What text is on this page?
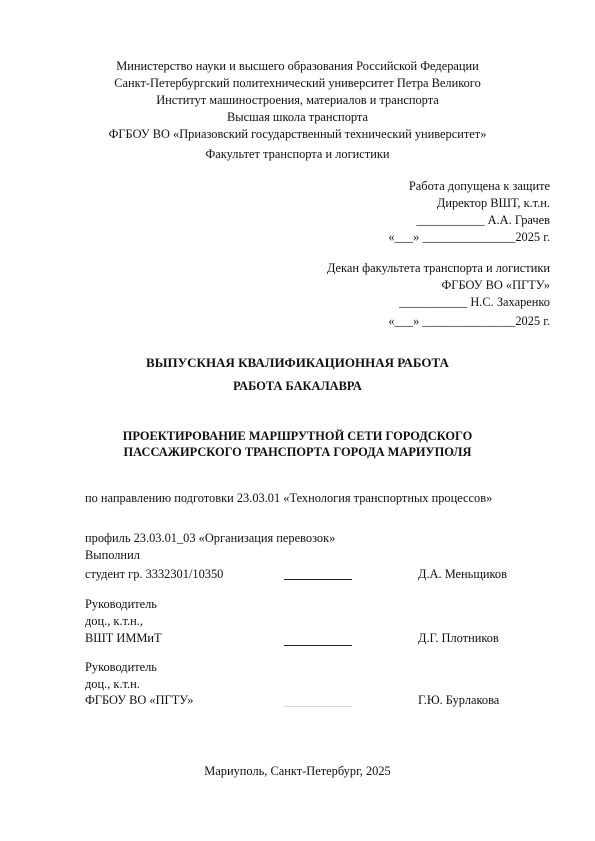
Министерство науки и высшего образования Российской Федерации
Санкт-Петербургский политехнический университет Петра Великого
Институт машиностроения, материалов и транспорта
Высшая школа транспорта
ФГБОУ ВО «Приазовский государственный технический университет»
Факультет транспорта и логистики
Работа допущена к защите
Директор ВШТ, к.т.н.
___________ А.А. Грачев
«___» _______________2025 г.
Декан факультета транспорта и логистики
ФГБОУ ВО «ПГТУ»
___________ Н.С. Захаренко
«___» _______________2025 г.
ВЫПУСКНАЯ КВАЛИФИКАЦИОННАЯ РАБОТА
РАБОТА БАКАЛАВРА
ПРОЕКТИРОВАНИЕ МАРШРУТНОЙ СЕТИ ГОРОДСКОГО
ПАССАЖИРСКОГО ТРАНСПОРТА ГОРОДА МАРИУПОЛЯ
по направлению подготовки 23.03.01 «Технология транспортных процессов»
профиль 23.03.01_03 «Организация перевозок»
Выполнил
студент гр. 3332301/10350	Д.А. Меньщиков
Руководитель
доц., к.т.н.,
ВШТ ИММиТ	Д.Г. Плотников
Руководитель
доц., к.т.н.
ФГБОУ ВО «ПГТУ»	Г.Ю. Бурлакова
Мариуполь, Санкт-Петербург, 2025
